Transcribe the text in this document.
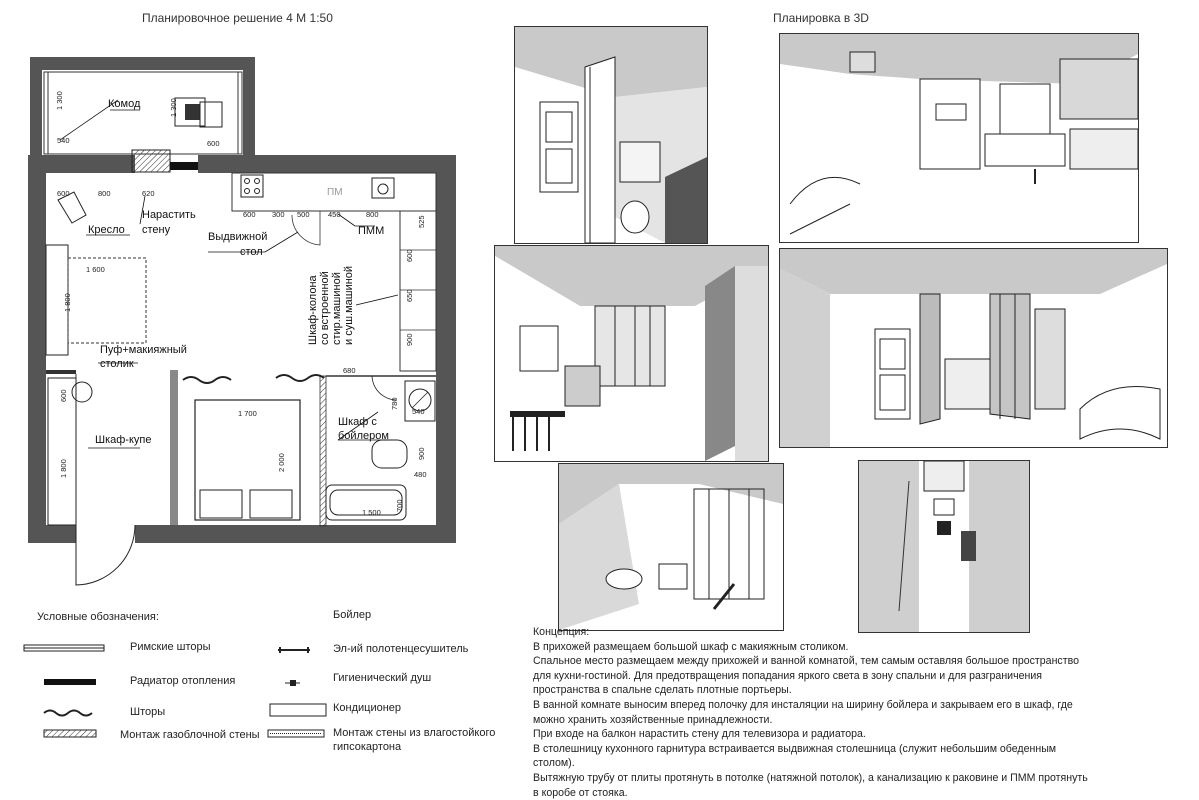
Планировочное решение 4 М 1:50	Планировка в 3D
Комод
Кресло
Нарастить
стену
Выдвижной
стол
ПММ
ПМ
Шкаф-колона со встроенной стир.машиной и суш.машиной
Пуф+макияжный
столик
Шкаф-купе
Шкаф с
бойлером
1 300
540
1 300
600
600	800	620
600 300 500 450	800
525
600
1 600
1 800	650
900
680
600
1 700
780
540
1 800	2 000	900
480
700
1 500
Условные обозначения:
Римские шторы
Радиатор отопления
Шторы
Монтаж газоблочной стены
Бойлер
Эл-ий полотенцесушитель
Гигиенический душ
Кондиционер
Монтаж стены из влагостойкого
гипсокартона

Концепция:

В прихожей размещаем большой шкаф с макияжным столиком.

Спальное место размещаем между прихожей и ванной комнатой, тем самым оставляя большое пространство

для кухни-гостиной. Для предотвращения попадания яркого света в зону спальни и для разграничения

пространства в спальне сделать плотные портьеры.

В ванной комнате выносим вперед полочку для инсталяции на ширину бойлера и закрываем его в шкаф, где

можно хранить хозяйственные принадлежности.

При входе на балкон нарастить стену для телевизора и радиатора.

В столешницу кухонного гарнитура встраивается выдвижная столешница (служит небольшим обеденным

столом).

Вытяжную трубу от плиты протянуть в потолке (натяжной потолок), а канализацию к раковине и ПММ протянуть

в коробе от стояка.
